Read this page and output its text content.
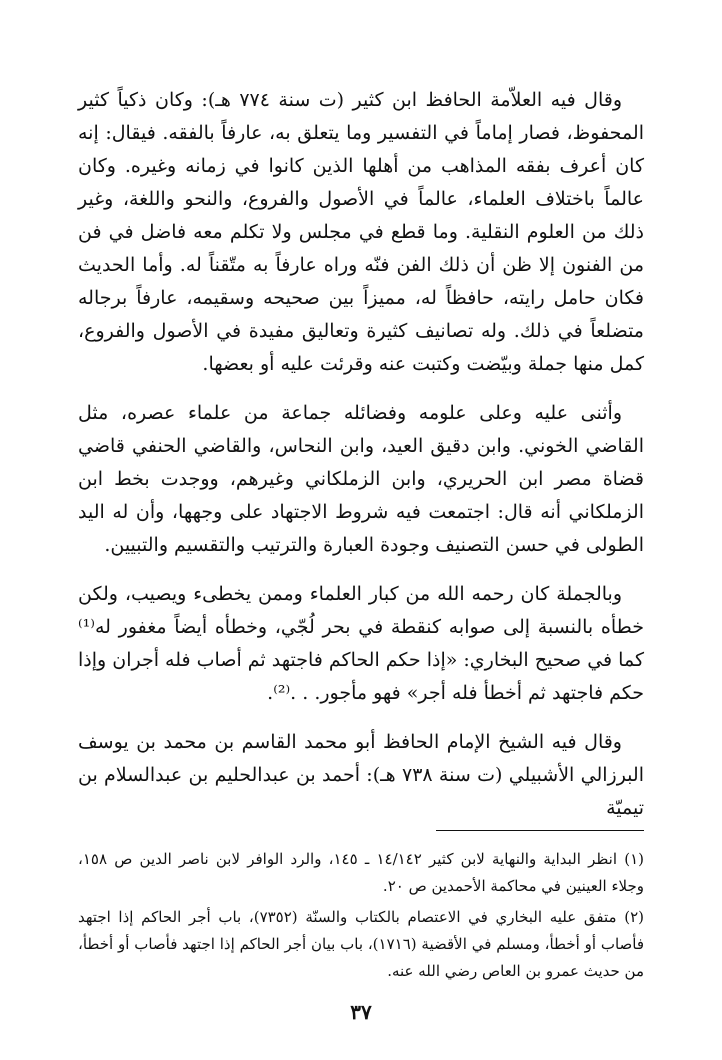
وقال فيه العلاّمة الحافظ ابن كثير (ت سنة ٧٧٤ هـ): وكان ذكياً كثير المحفوظ، فصار إماماً في التفسير وما يتعلق به، عارفاً بالفقه. فيقال: إنه كان أعرف بفقه المذاهب من أهلها الذين كانوا في زمانه وغيره. وكان عالماً باختلاف العلماء، عالماً في الأصول والفروع، والنحو واللغة، وغير ذلك من العلوم النقلية. وما قطع في مجلس ولا تكلم معه فاضل في فن من الفنون إلا ظن أن ذلك الفن فنّه وراه عارفاً به متّقناً له. وأما الحديث فكان حامل رايته، حافظاً له، مميزاً بين صحيحه وسقيمه، عارفاً برجاله متضلعاً في ذلك. وله تصانيف كثيرة وتعاليق مفيدة في الأصول والفروع، كمل منها جملة وبيّضت وكتبت عنه وقرئت عليه أو بعضها.

وأثنى عليه وعلى علومه وفضائله جماعة من علماء عصره، مثل القاضي الخوني. وابن دقيق العيد، وابن النحاس، والقاضي الحنفي قاضي قضاة مصر ابن الحريري، وابن الزملكاني وغيرهم، ووجدت بخط ابن الزملكاني أنه قال: اجتمعت فيه شروط الاجتهاد على وجهها، وأن له اليد الطولى في حسن التصنيف وجودة العبارة والترتيب والتقسيم والتبيين.

وبالجملة كان رحمه الله من كبار العلماء وممن يخطىء ويصيب، ولكن خطأه بالنسبة إلى صوابه كنقطة في بحر لُجّي، وخطأه أيضاً مغفور له⁽¹⁾ كما في صحيح البخاري: «إذا حكم الحاكم فاجتهد ثم أصاب فله أجران وإذا حكم فاجتهد ثم أخطأ فله أجر» فهو مأجور. . .⁽²⁾.

وقال فيه الشيخ الإمام الحافظ أبو محمد القاسم بن محمد بن يوسف البرزالي الأشبيلي (ت سنة ٧٣٨ هـ): أحمد بن عبدالحليم بن عبدالسلام بن تيميّة

(١) انظر البداية والنهاية لابن كثير ١٤/١٤٢ ـ ١٤٥، والرد الوافر لابن ناصر الدين ص ١٥٨، وجلاء العينين في محاكمة الأحمدين ص ٢٠.

(٢) متفق عليه البخاري في الاعتصام بالكتاب والسنّة (٧٣٥٢)، باب أجر الحاكم إذا اجتهد فأصاب أو أخطأ، ومسلم في الأقضية (١٧١٦)، باب بيان أجر الحاكم إذا اجتهد فأصاب أو أخطأ، من حديث عمرو بن العاص رضي الله عنه.

٣٧
